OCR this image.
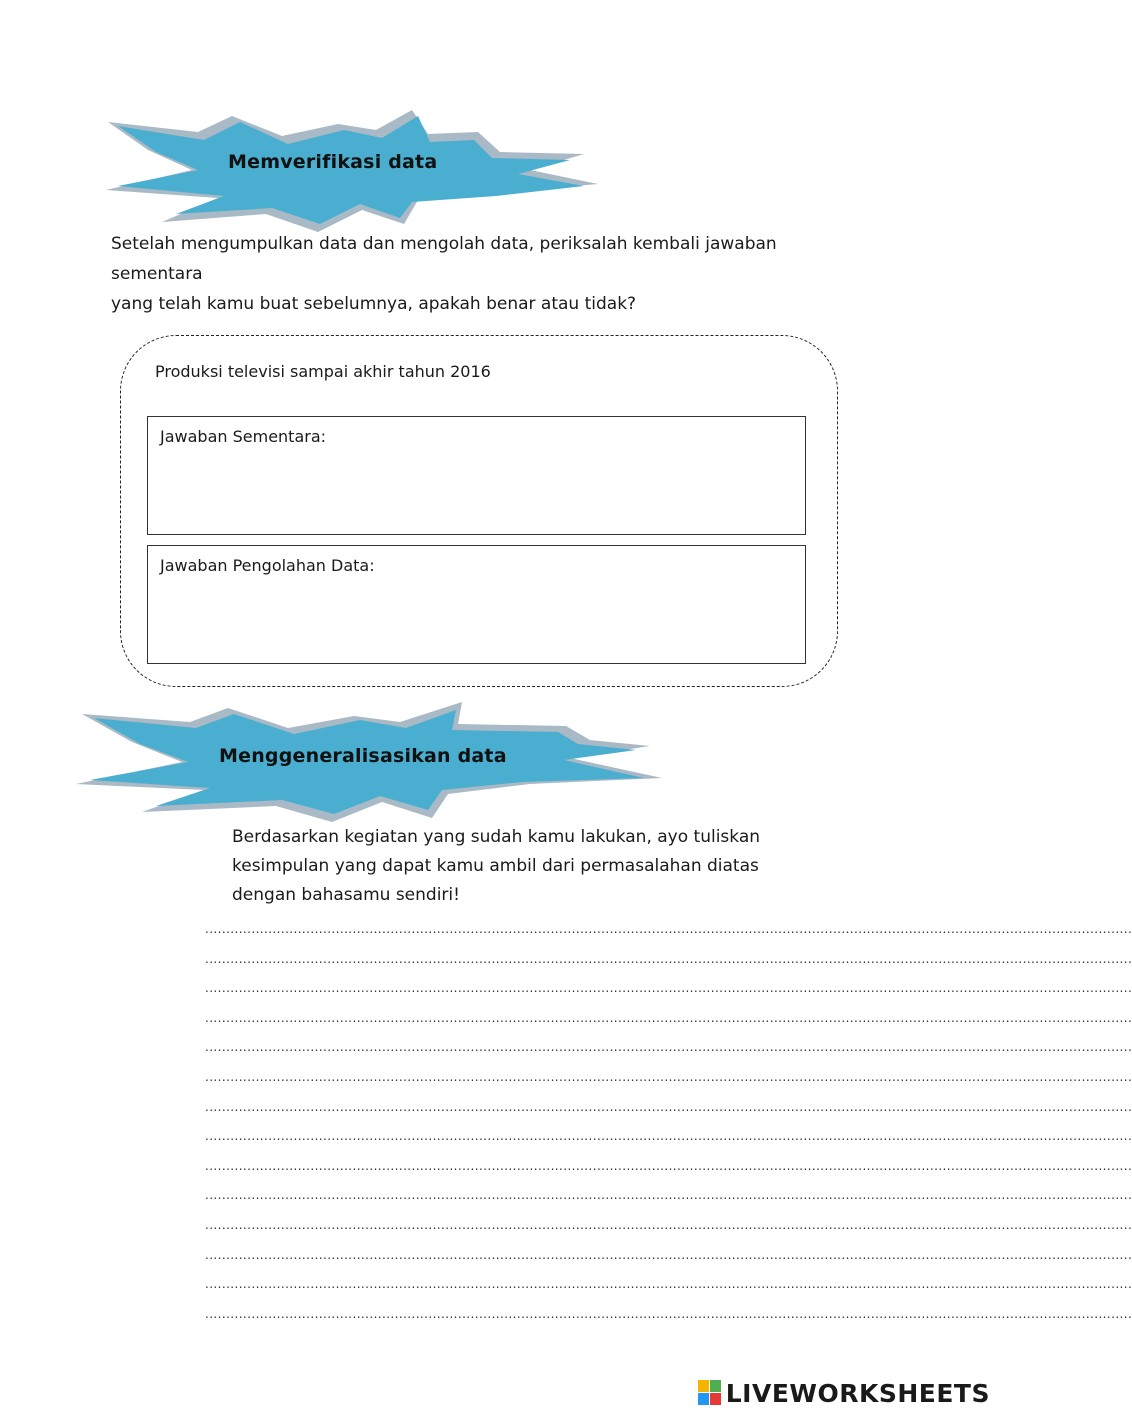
Memverifikasi data
Setelah mengumpulkan data dan mengolah data, periksalah kembali jawaban sementara
yang telah kamu buat sebelumnya, apakah benar atau tidak?
Produksi televisi sampai akhir tahun 2016
Jawaban Sementara:
Jawaban Pengolahan Data:
Menggeneralisasikan data
Berdasarkan kegiatan yang sudah kamu lakukan, ayo tuliskan
kesimpulan yang dapat kamu ambil dari permasalahan diatas
dengan bahasamu sendiri!
............................................................................................................................................................................................................................
............................................................................................................................................................................................................................
............................................................................................................................................................................................................................
............................................................................................................................................................................................................................
............................................................................................................................................................................................................................
............................................................................................................................................................................................................................
............................................................................................................................................................................................................................
............................................................................................................................................................................................................................
............................................................................................................................................................................................................................
............................................................................................................................................................................................................................
............................................................................................................................................................................................................................
............................................................................................................................................................................................................................
............................................................................................................................................................................................................................
............................................................................................................................................................................................................................
LIVEWORKSHEETS
